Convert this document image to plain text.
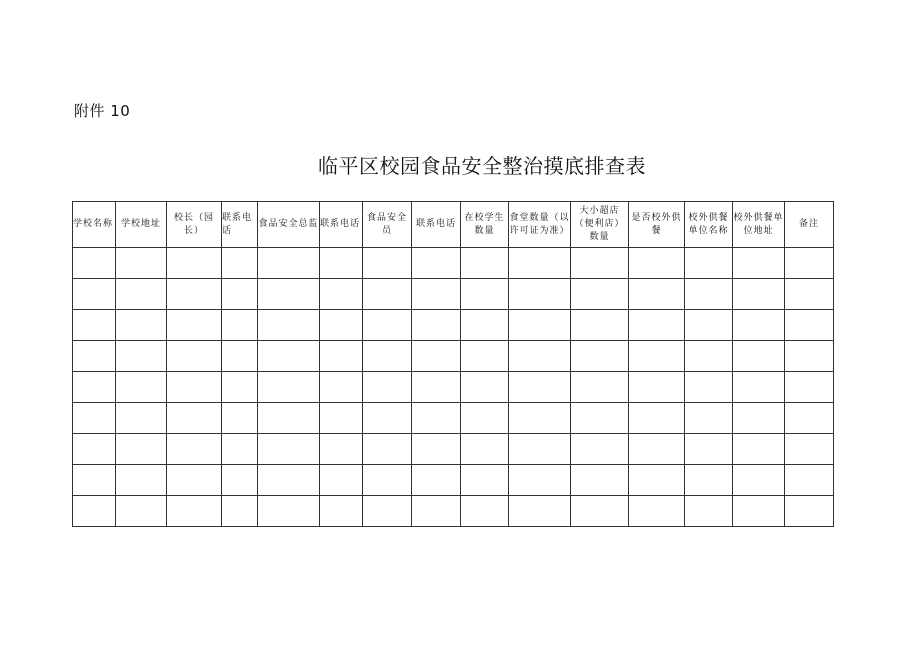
附件 10
临平区校园食品安全整治摸底排查表
学校名称	学校地址	校长（园长）	联系电话	食品安全总监	联系电话	食品安全员	联系电话	在校学生数量	食堂数量（以许可证为准）	大小超店（便利店）数量	是否校外供餐	校外供餐单位名称	校外供餐单位地址	备注
